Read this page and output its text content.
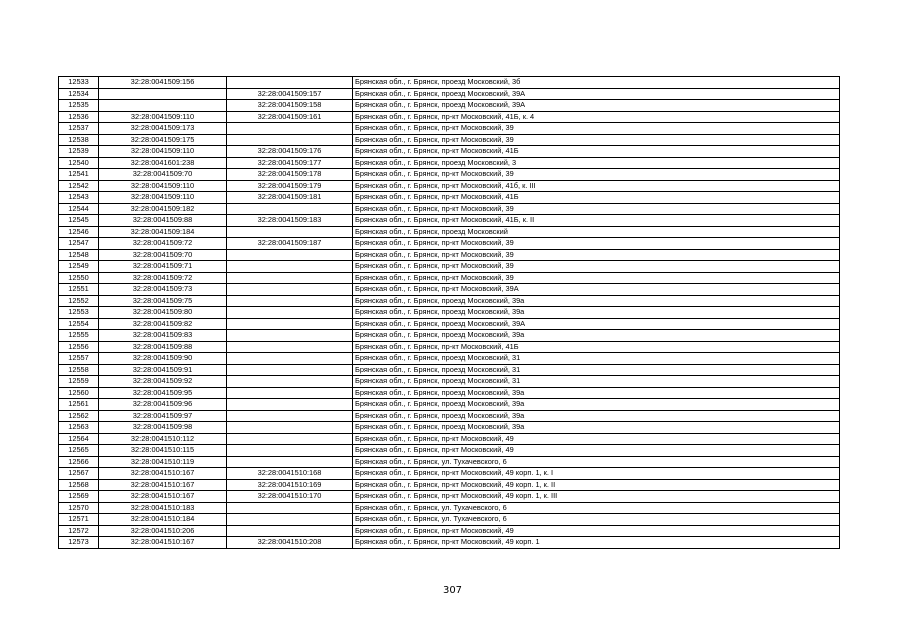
12533	32:28:0041509:156		Брянская обл., г. Брянск, проезд Московский, 3б
12534		32:28:0041509:157	Брянская обл., г. Брянск, проезд Московский, 39А
12535		32:28:0041509:158	Брянская обл., г. Брянск, проезд Московский, 39А
12536	32:28:0041509:110	32:28:0041509:161	Брянская обл., г. Брянск, пр-кт Московский, 41Б, к. 4
12537	32:28:0041509:173		Брянская обл., г. Брянск, пр-кт Московский, 39
12538	32:28:0041509:175		Брянская обл., г. Брянск, пр-кт Московский, 39
12539	32:28:0041509:110	32:28:0041509:176	Брянская обл., г. Брянск, пр-кт Московский, 41Б
12540	32:28:0041601:238	32:28:0041509:177	Брянская обл., г. Брянск, проезд Московский, 3
12541	32:28:0041509:70	32:28:0041509:178	Брянская обл., г. Брянск, пр-кт Московский, 39
12542	32:28:0041509:110	32:28:0041509:179	Брянская обл., г. Брянск, пр-кт Московский, 41б, к. III
12543	32:28:0041509:110	32:28:0041509:181	Брянская обл., г. Брянск, пр-кт Московский, 41Б
12544	32:28:0041509:182		Брянская обл., г. Брянск, пр-кт Московский, 39
12545	32:28:0041509:88	32:28:0041509:183	Брянская обл., г. Брянск, пр-кт Московский, 41Б, к. II
12546	32:28:0041509:184		Брянская обл., г. Брянск, проезд Московский
12547	32:28:0041509:72	32:28:0041509:187	Брянская обл., г. Брянск, пр-кт Московский, 39
12548	32:28:0041509:70		Брянская обл., г. Брянск, пр-кт Московский, 39
12549	32:28:0041509:71		Брянская обл., г. Брянск, пр-кт Московский, 39
12550	32:28:0041509:72		Брянская обл., г. Брянск, пр-кт Московский, 39
12551	32:28:0041509:73		Брянская обл., г. Брянск, пр-кт Московский, 39А
12552	32:28:0041509:75		Брянская обл., г. Брянск, проезд Московский, 39а
12553	32:28:0041509:80		Брянская обл., г. Брянск, проезд Московский, 39а
12554	32:28:0041509:82		Брянская обл., г. Брянск, проезд Московский, 39А
12555	32:28:0041509:83		Брянская обл., г. Брянск, проезд Московский, 39а
12556	32:28:0041509:88		Брянская обл., г. Брянск, пр-кт Московский, 41Б
12557	32:28:0041509:90		Брянская обл., г. Брянск, проезд Московский, 31
12558	32:28:0041509:91		Брянская обл., г. Брянск, проезд Московский, 31
12559	32:28:0041509:92		Брянская обл., г. Брянск, проезд Московский, 31
12560	32:28:0041509:95		Брянская обл., г. Брянск, проезд Московский, 39а
12561	32:28:0041509:96		Брянская обл., г. Брянск, проезд Московский, 39а
12562	32:28:0041509:97		Брянская обл., г. Брянск, проезд Московский, 39а
12563	32:28:0041509:98		Брянская обл., г. Брянск, проезд Московский, 39а
12564	32:28:0041510:112		Брянская обл., г. Брянск, пр-кт Московский, 49
12565	32:28:0041510:115		Брянская обл., г. Брянск, пр-кт Московский, 49
12566	32:28:0041510:119		Брянская обл., г. Брянск, ул. Тухачевского, 6
12567	32:28:0041510:167	32:28:0041510:168	Брянская обл., г. Брянск, пр-кт Московский, 49 корп. 1, к. I
12568	32:28:0041510:167	32:28:0041510:169	Брянская обл., г. Брянск, пр-кт Московский, 49 корп. 1, к. II
12569	32:28:0041510:167	32:28:0041510:170	Брянская обл., г. Брянск, пр-кт Московский, 49 корп. 1, к. III
12570	32:28:0041510:183		Брянская обл., г. Брянск, ул. Тухачевского, 6
12571	32:28:0041510:184		Брянская обл., г. Брянск, ул. Тухачевского, 6
12572	32:28:0041510:206		Брянская обл., г. Брянск, пр-кт Московский, 49
12573	32:28:0041510:167	32:28:0041510:208	Брянская обл., г. Брянск, пр-кт Московский, 49 корп. 1
307
